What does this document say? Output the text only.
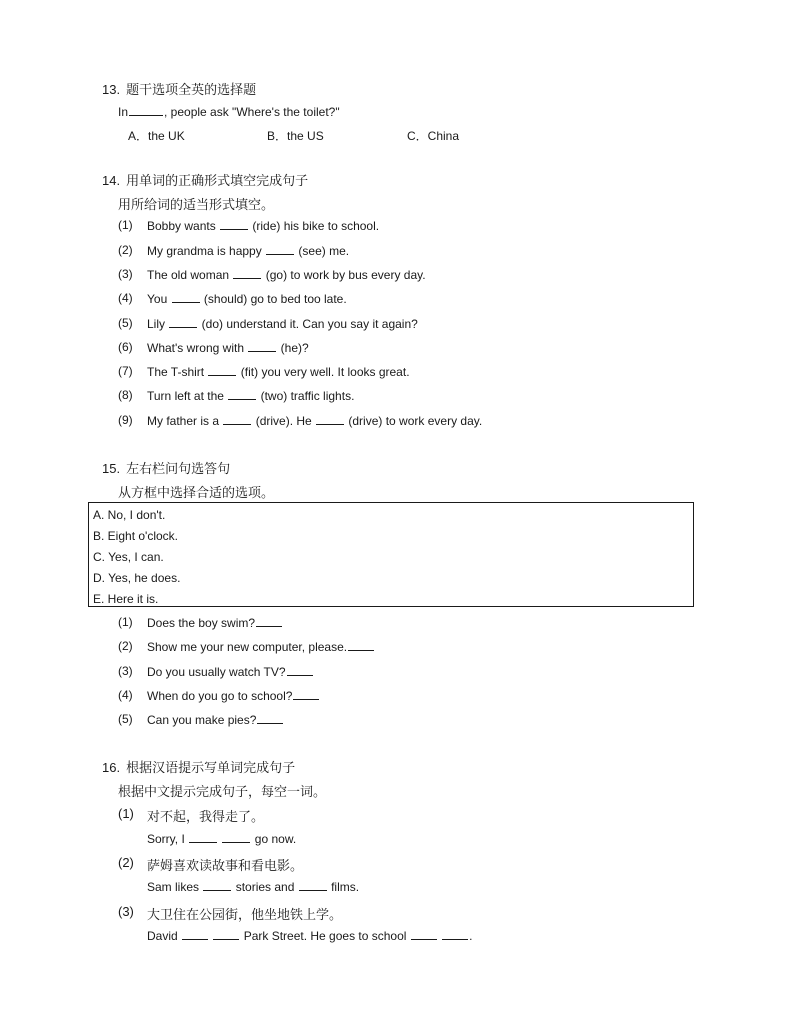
13. 题干选项全英的选择题
In	, people ask "Where's the toilet?"
A．the UK	B．the US	C．China
14. 用单词的正确形式填空完成句子
用所给词的适当形式填空。
(1) Bobby wants	(ride) his bike to school.
(2) My grandma is happy	(see) me.
(3) The old woman	(go) to work by bus every day.
(4) You	(should) go to bed too late.
(5) Lily	(do) understand it. Can you say it again?
(6) What's wrong with	(he)?
(7) The T-shirt	(fit) you very well. It looks great.
(8) Turn left at the	(two) traffic lights.
(9) My father is a	(drive). He	(drive) to work every day.
15. 左右栏问句选答句
从方框中选择合适的选项。
A. No, I don't.
B. Eight o'clock.
C. Yes, I can.
D. Yes, he does.
E. Here it is.
(1) Does the boy swim?
(2) Show me your new computer, please.
(3) Do you usually watch TV?
(4) When do you go to school?
(5) Can you make pies?
16. 根据汉语提示写单词完成句子
根据中文提示完成句子，每空一词。
(1) 对不起，我得走了。
Sorry, I	go now.
(2) 萨姆喜欢读故事和看电影。
Sam likes	stories and	films.
(3) 大卫住在公园街，他坐地铁上学。
David	Park Street. He goes to school	.
